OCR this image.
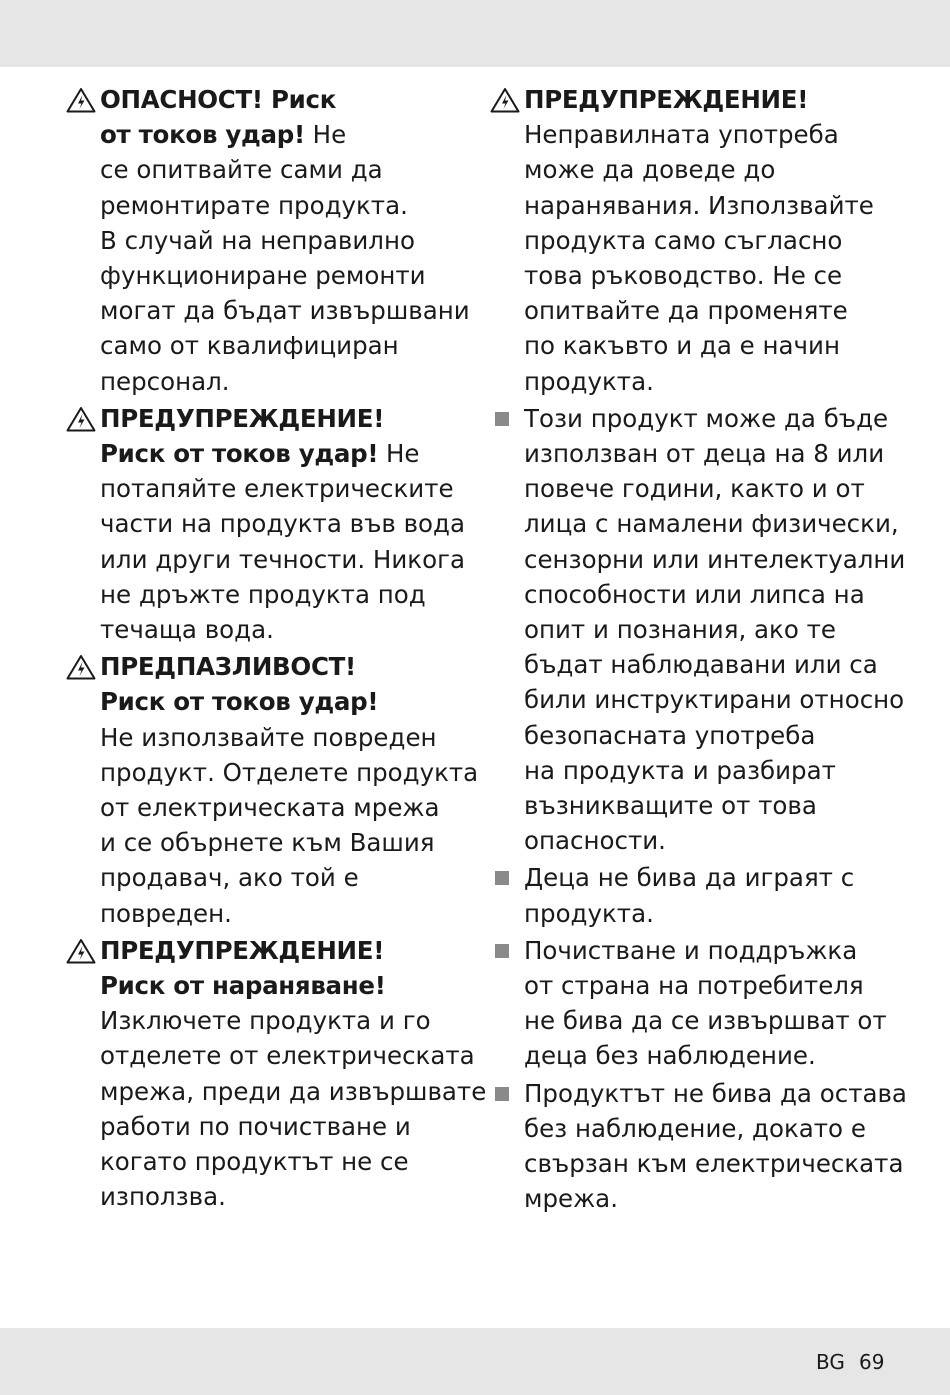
ОПАСНОСТ! Риск
от токов удар! Не
се опитвайте сами да
ремонтирате продукта.
В случай на неправилно
функциониране ремонти
могат да бъдат извършвани
само от квалифициран
персонал.
ПРЕДУПРЕЖДЕНИЕ!
Риск от токов удар! Не
потапяйте електрическите
части на продукта във вода
или други течности. Никога
не дръжте продукта под
течаща вода.
ПРЕДПАЗЛИВОСТ!
Риск от токов удар!
Не използвайте повреден
продукт. Отделете продукта
от електрическата мрежа
и се обърнете към Вашия
продавач, ако той е
повреден.
ПРЕДУПРЕЖДЕНИЕ!
Риск от нараняване!
Изключете продукта и го
отделете от електрическата
мрежа, преди да извършвате
работи по почистване и
когато продуктът не се
използва.
ПРЕДУПРЕЖДЕНИЕ!
Неправилната употреба
може да доведе до
наранявания. Използвайте
продукта само съгласно
това ръководство. Не се
опитвайте да променяте
по какъвто и да е начин
продукта.
Този продукт може да бъде
използван от деца на 8 или
повече години, както и от
лица с намалени физически,
сензорни или интелектуални
способности или липса на
опит и познания, ако те
бъдат наблюдавани или са
били инструктирани относно
безопасната употреба
на продукта и разбират
възникващите от това
опасности.
Деца не бива да играят с
продукта.
Почистване и поддръжка
от страна на потребителя
не бива да се извършват от
деца без наблюдение.
Продуктът не бива да остава
без наблюдение, докато е
свързан към електрическата
мрежа.
BG 69
